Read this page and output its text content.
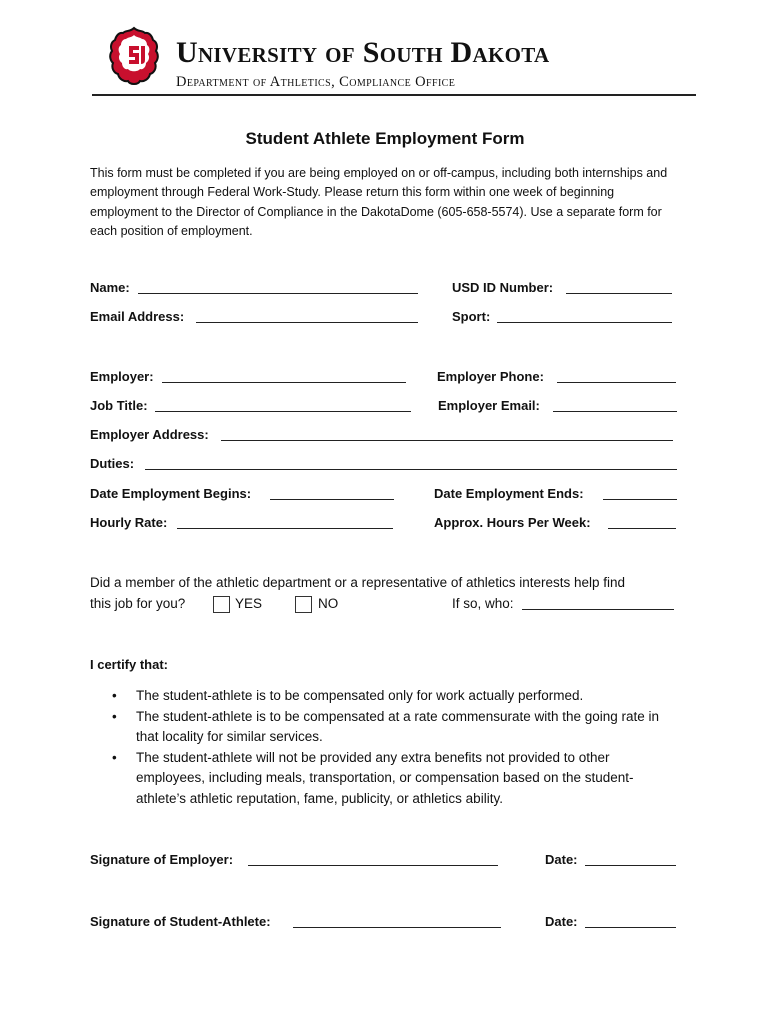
University of South Dakota
Department of Athletics, Compliance Office
Student Athlete Employment Form
This form must be completed if you are being employed on or off-campus, including both internships and employment through Federal Work-Study. Please return this form within one week of beginning employment to the Director of Compliance in the DakotaDome (605-658-5574). Use a separate form for each position of employment.
Name:	USD ID Number:
Email Address:	Sport:
Employer:	Employer Phone:
Job Title:	Employer Email:
Employer Address:
Duties:
Date Employment Begins:	Date Employment Ends:
Hourly Rate:	Approx. Hours Per Week:
Did a member of the athletic department or a representative of athletics interests help find
this job for you?	YES	NO	If so, who:
I certify that:
• The student-athlete is to be compensated only for work actually performed.
• The student-athlete is to be compensated at a rate commensurate with the going rate in that locality for similar services.
• The student-athlete will not be provided any extra benefits not provided to other employees, including meals, transportation, or compensation based on the student-athlete’s athletic reputation, fame, publicity, or athletics ability.
Signature of Employer:	Date:
Signature of Student-Athlete:	Date:
